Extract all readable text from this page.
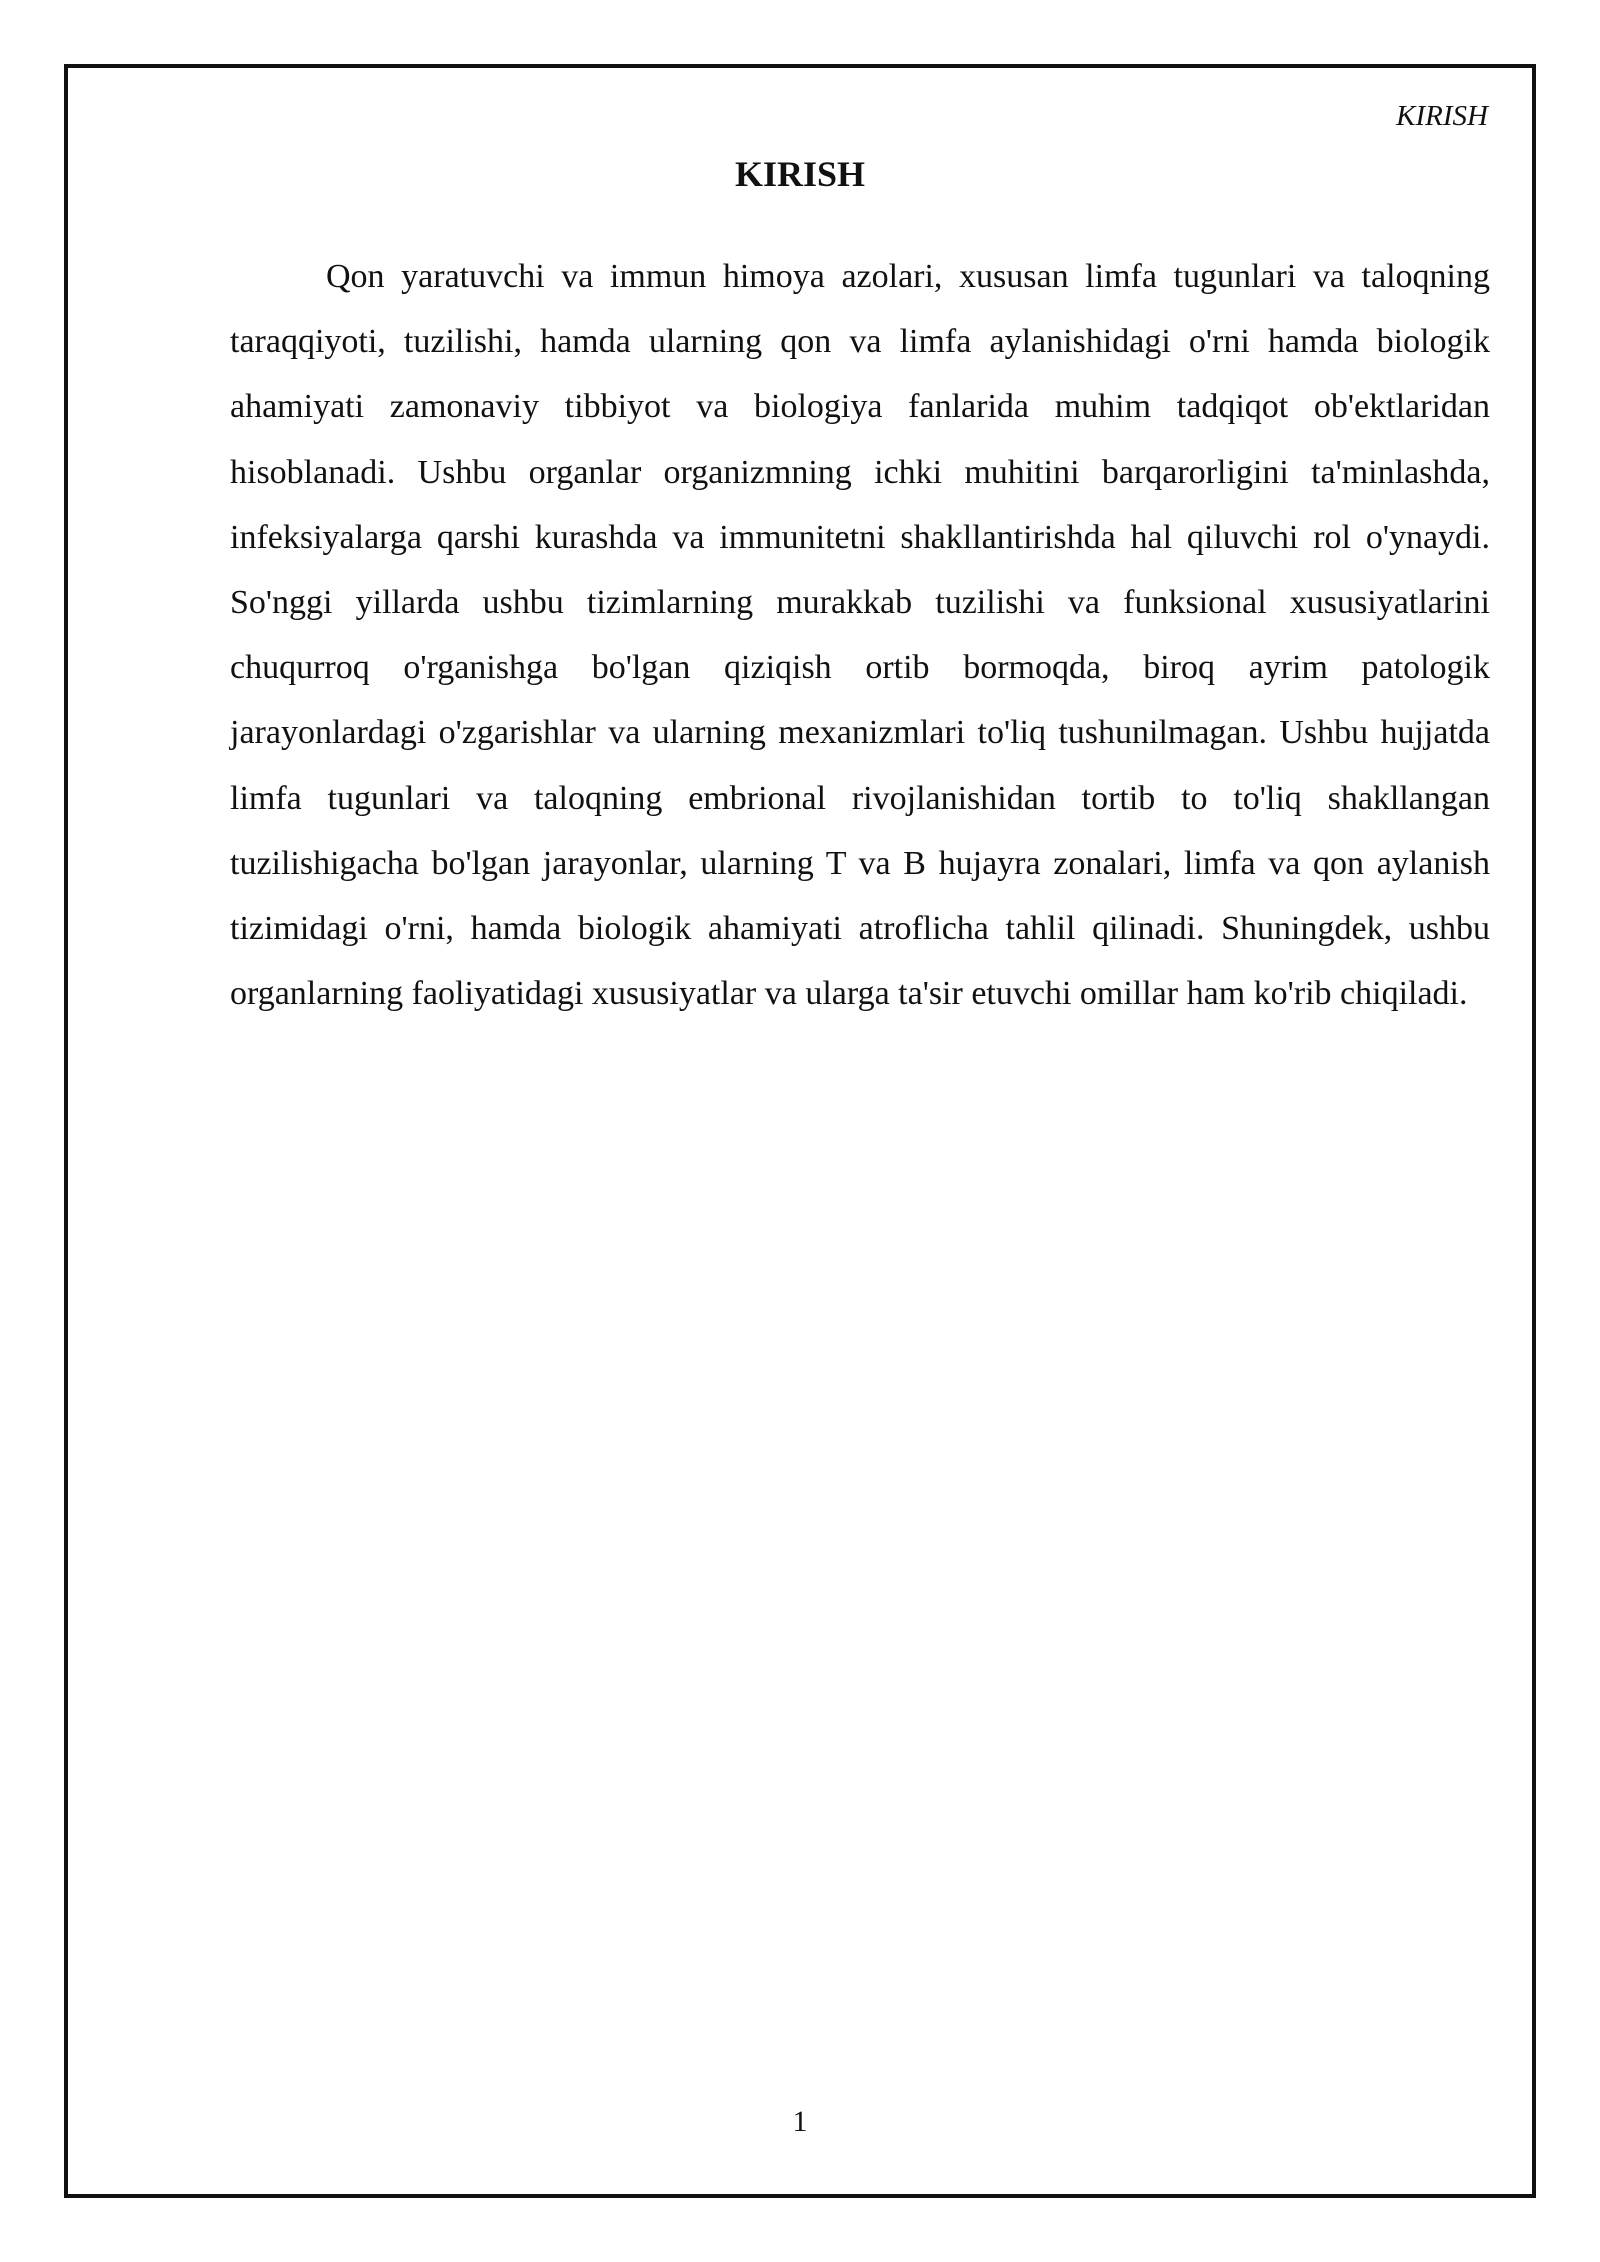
KIRISH
KIRISH

Qon yaratuvchi va immun himoya azolari, xususan limfa tugunlari va taloqning taraqqiyoti, tuzilishi, hamda ularning qon va limfa aylanishidagi o'rni hamda biologik ahamiyati zamonaviy tibbiyot va biologiya fanlarida muhim tadqiqot ob'ektlaridan hisoblanadi. Ushbu organlar organizmning ichki muhitini barqarorligini ta'minlashda, infeksiyalarga qarshi kurashda va immunitetni shakllantirishda hal qiluvchi rol o'ynaydi. So'nggi yillarda ushbu tizimlarning murakkab tuzilishi va funksional xususiyatlarini chuqurroq o'rganishga bo'lgan qiziqish ortib bormoqda, biroq ayrim patologik jarayonlardagi o'zgarishlar va ularning mexanizmlari to'liq tushunilmagan. Ushbu hujjatda limfa tugunlari va taloqning embrional rivojlanishidan tortib to to'liq shakllangan tuzilishigacha bo'lgan jarayonlar, ularning T va B hujayra zonalari, limfa va qon aylanish tizimidagi o'rni, hamda biologik ahamiyati atroflicha tahlil qilinadi. Shuningdek, ushbu organlarning faoliyatidagi xususiyatlar va ularga ta'sir etuvchi omillar ham ko'rib chiqiladi.

1
